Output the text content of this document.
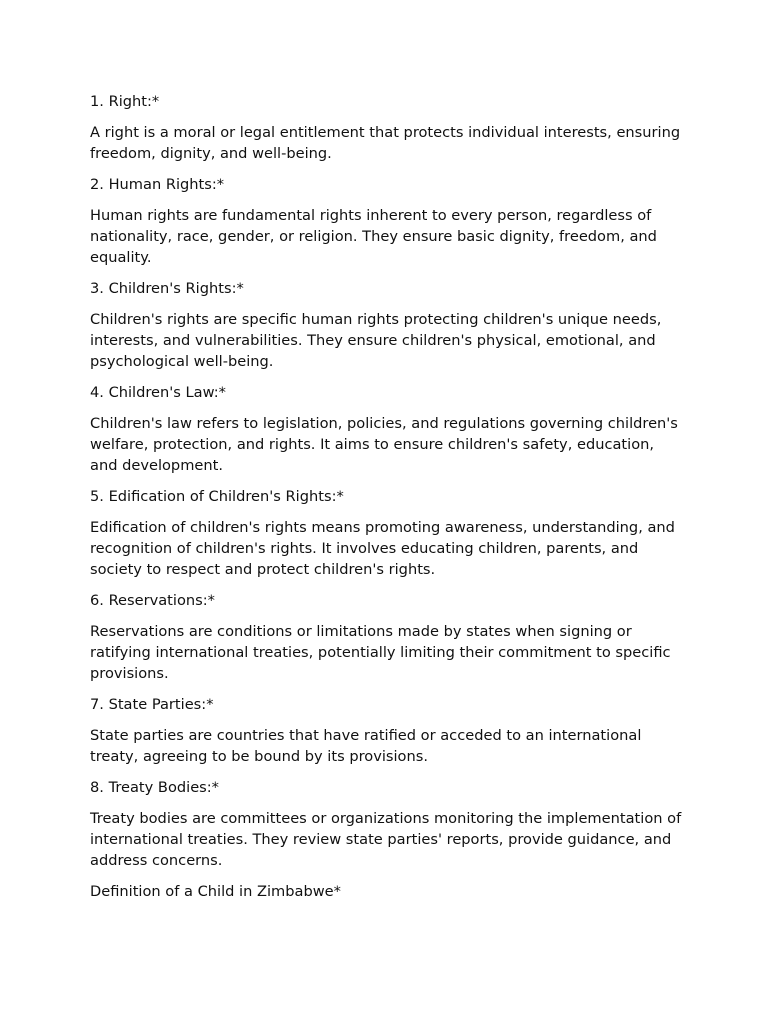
1. Right:*

A right is a moral or legal entitlement that protects individual interests, ensuring freedom, dignity, and well-being.

2. Human Rights:*

Human rights are fundamental rights inherent to every person, regardless of nationality, race, gender, or religion. They ensure basic dignity, freedom, and equality.

3. Children's Rights:*

Children's rights are specific human rights protecting children's unique needs, interests, and vulnerabilities. They ensure children's physical, emotional, and psychological well-being.

4. Children's Law:*

Children's law refers to legislation, policies, and regulations governing children's welfare, protection, and rights. It aims to ensure children's safety, education, and development.

5. Edification of Children's Rights:*

Edification of children's rights means promoting awareness, understanding, and recognition of children's rights. It involves educating children, parents, and society to respect and protect children's rights.

6. Reservations:*

Reservations are conditions or limitations made by states when signing or ratifying international treaties, potentially limiting their commitment to specific provisions.

7. State Parties:*

State parties are countries that have ratified or acceded to an international treaty, agreeing to be bound by its provisions.

8. Treaty Bodies:*

Treaty bodies are committees or organizations monitoring the implementation of international treaties. They review state parties' reports, provide guidance, and address concerns.

Definition of a Child in Zimbabwe*
